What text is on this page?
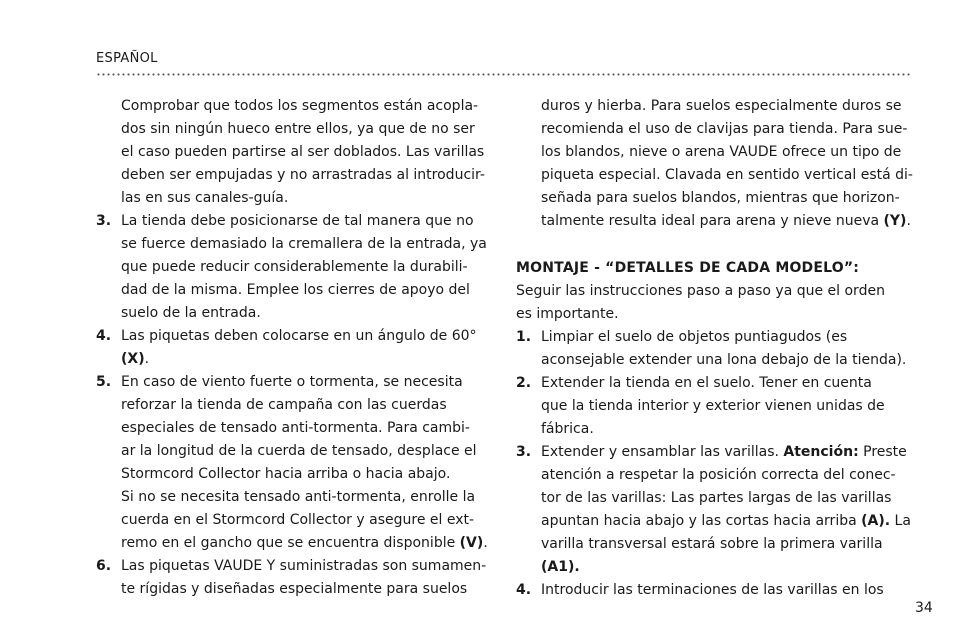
ESPAÑOL
Comprobar que todos los segmentos están acopla-
dos sin ningún hueco entre ellos, ya que de no ser
el caso pueden partirse al ser doblados. Las varillas
deben ser empujadas y no arrastradas al introducir-
las en sus canales-guía.
3. La tienda debe posicionarse de tal manera que no
se fuerce demasiado la cremallera de la entrada, ya
que puede reducir considerablemente la durabili-
dad de la misma. Emplee los cierres de apoyo del
suelo de la entrada.
4. Las piquetas deben colocarse en un ángulo de 60°
(X).
5. En caso de viento fuerte o tormenta, se necesita
reforzar la tienda de campaña con las cuerdas
especiales de tensado anti-tormenta. Para cambi-
ar la longitud de la cuerda de tensado, desplace el
Stormcord Collector hacia arriba o hacia abajo.
Si no se necesita tensado anti-tormenta, enrolle la
cuerda en el Stormcord Collector y asegure el ext-
remo en el gancho que se encuentra disponible (V).
6. Las piquetas VAUDE Y suministradas son sumamen-
te rígidas y diseñadas especialmente para suelos
duros y hierba. Para suelos especialmente duros se
recomienda el uso de clavijas para tienda. Para sue-
los blandos, nieve o arena VAUDE ofrece un tipo de
piqueta especial. Clavada en sentido vertical está di-
señada para suelos blandos, mientras que horizon-
talmente resulta ideal para arena y nieve nueva (Y).
MONTAJE - “DETALLES DE CADA MODELO”:
Seguir las instrucciones paso a paso ya que el orden
es importante.
1. Limpiar el suelo de objetos puntiagudos (es
aconsejable extender una lona debajo de la tienda).
2. Extender la tienda en el suelo. Tener en cuenta
que la tienda interior y exterior vienen unidas de
fábrica.
3. Extender y ensamblar las varillas. Atención: Preste
atención a respetar la posición correcta del conec-
tor de las varillas: Las partes largas de las varillas
apuntan hacia abajo y las cortas hacia arriba (A). La
varilla transversal estará sobre la primera varilla
(A1).
4. Introducir las terminaciones de las varillas en los
34
